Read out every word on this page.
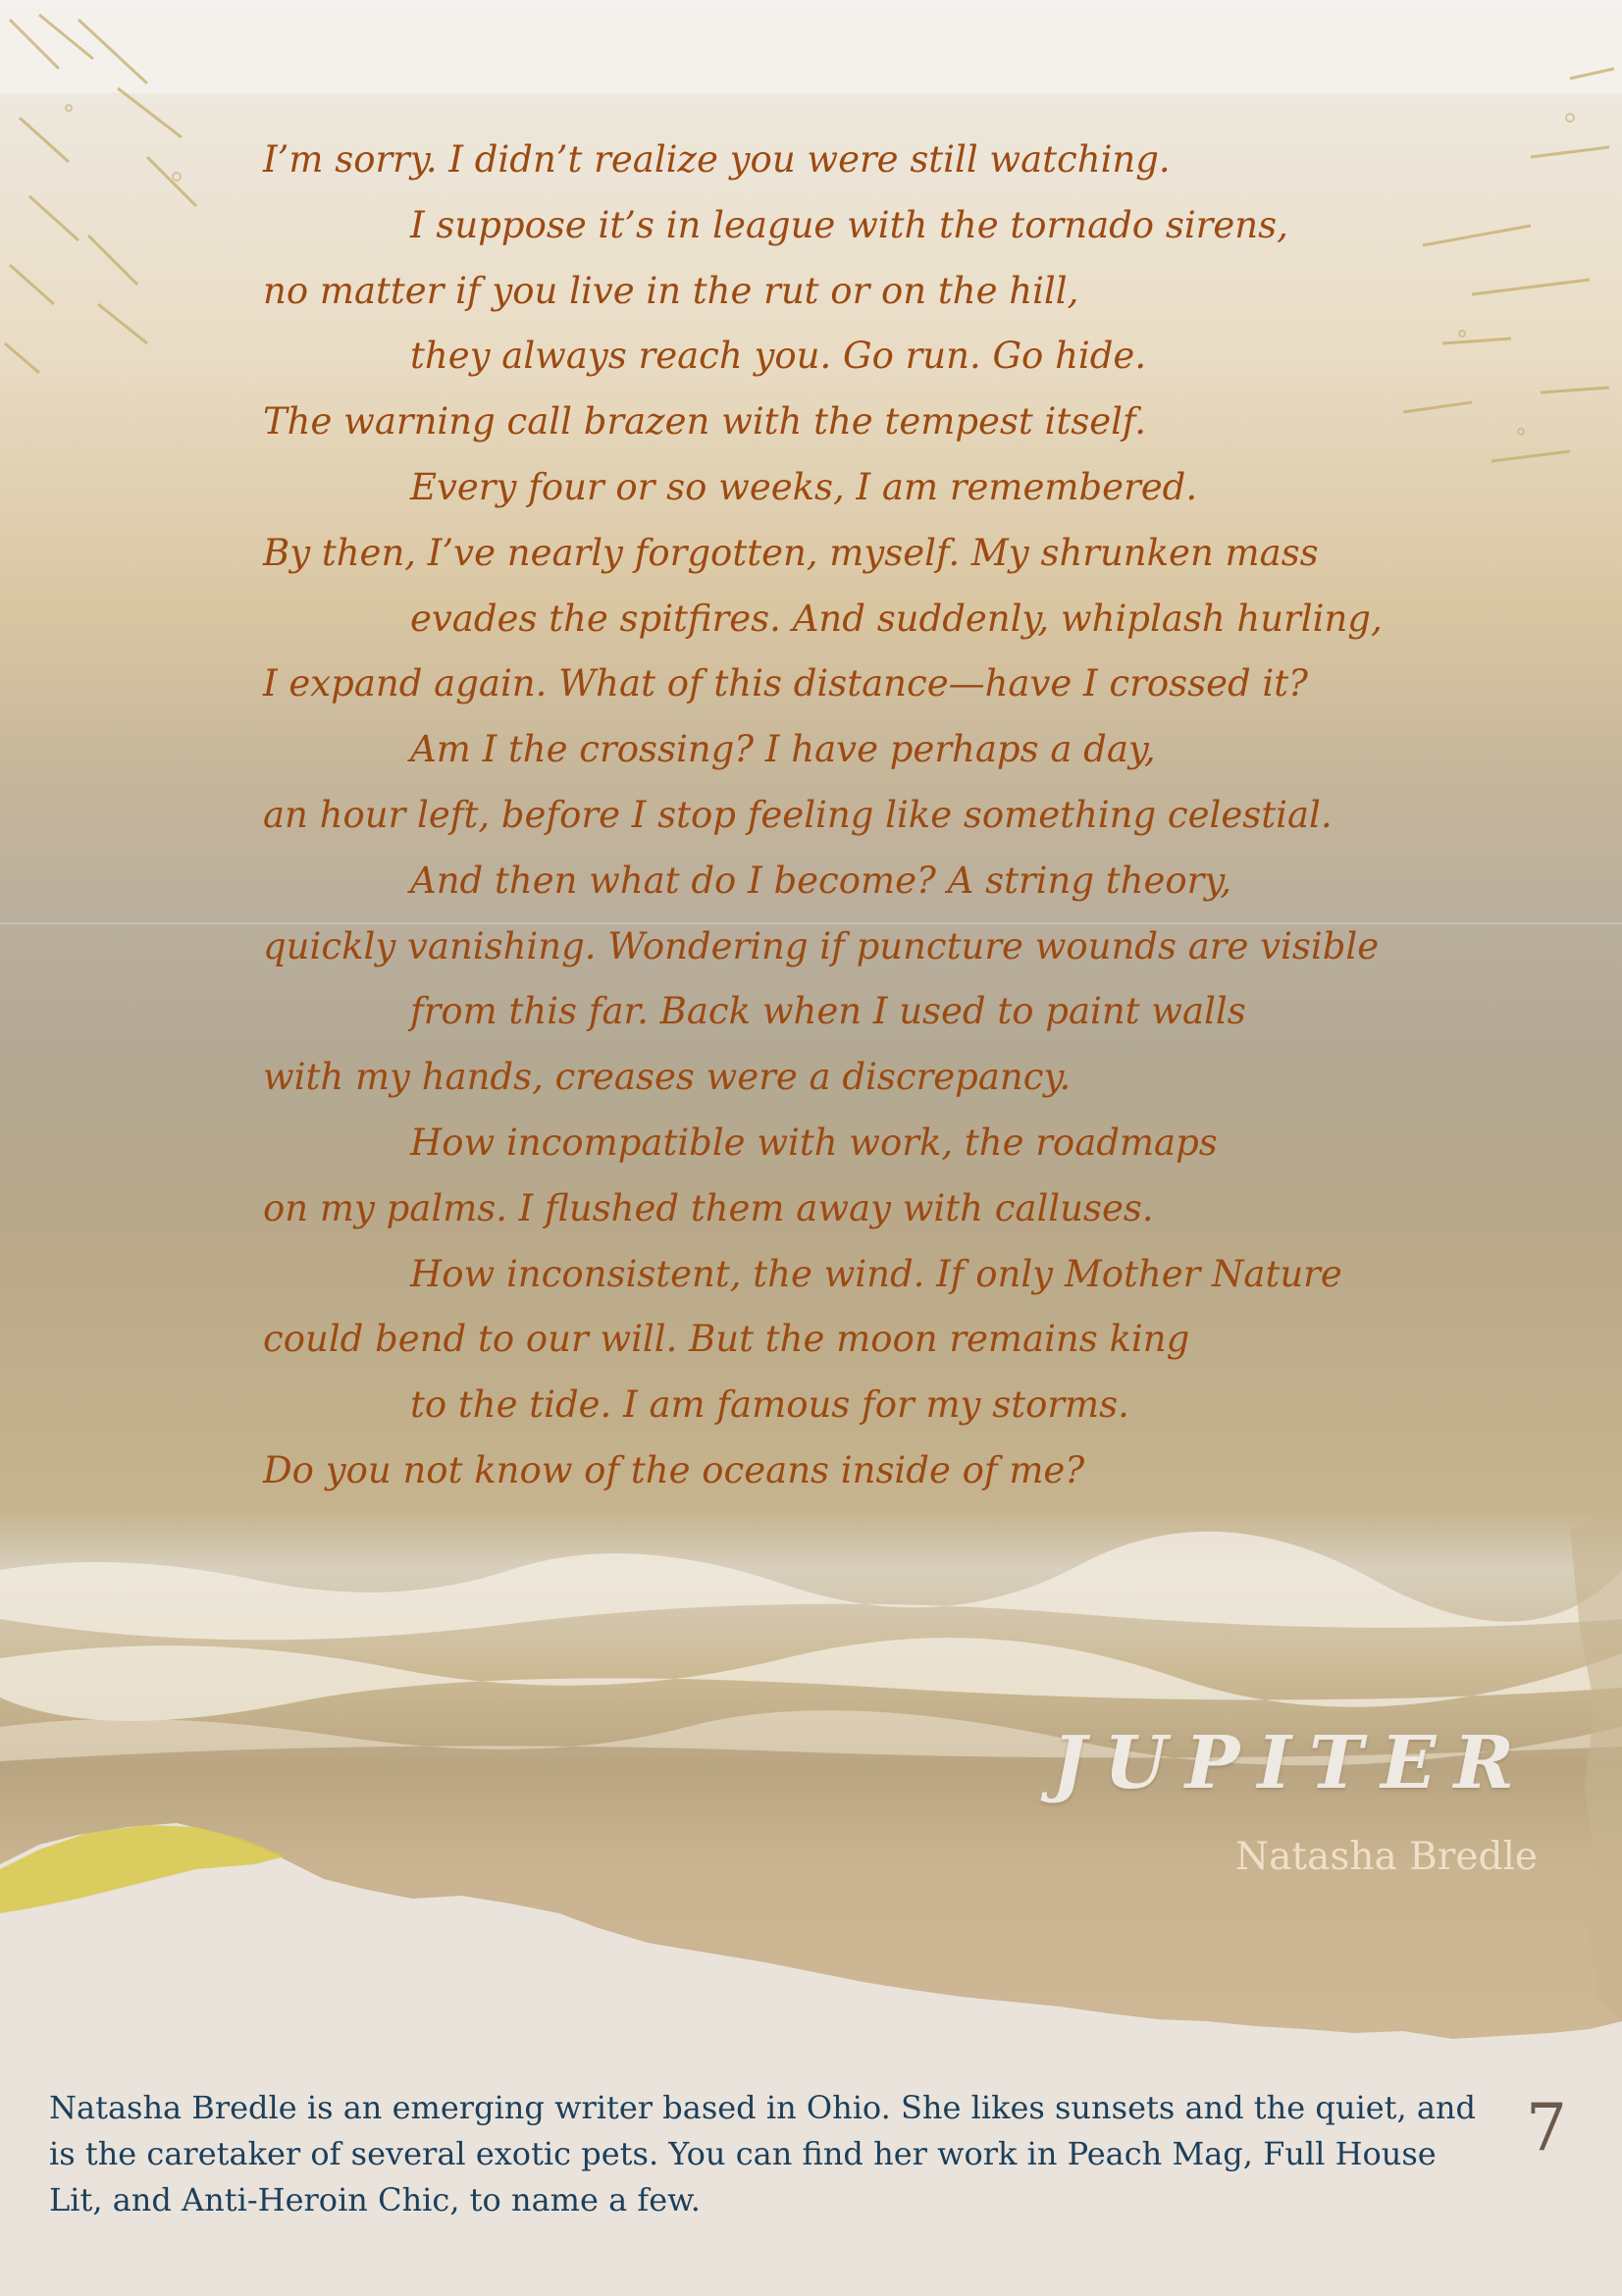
I’m sorry. I didn’t realize you were still watching.
I suppose it’s in league with the tornado sirens,
no matter if you live in the rut or on the hill,
they always reach you. Go run. Go hide.
The warning call brazen with the tempest itself.
Every four or so weeks, I am remembered.
By then, I’ve nearly forgotten, myself. My shrunken mass
evades the spitfires. And suddenly, whiplash hurling,
I expand again. What of this distance—have I crossed it?
Am I the crossing? I have perhaps a day,
an hour left, before I stop feeling like something celestial.
And then what do I become? A string theory,
quickly vanishing. Wondering if puncture wounds are visible
from this far. Back when I used to paint walls
with my hands, creases were a discrepancy.
How incompatible with work, the roadmaps
on my palms. I flushed them away with calluses.
How inconsistent, the wind. If only Mother Nature
could bend to our will. But the moon remains king
to the tide. I am famous for my storms.
Do you not know of the oceans inside of me?
JUPITER
Natasha Bredle
Natasha Bredle is an emerging writer based in Ohio. She likes sunsets and the quiet, and is the caretaker of several exotic pets. You can find her work in Peach Mag, Full House Lit, and Anti-Heroin Chic, to name a few.
7
